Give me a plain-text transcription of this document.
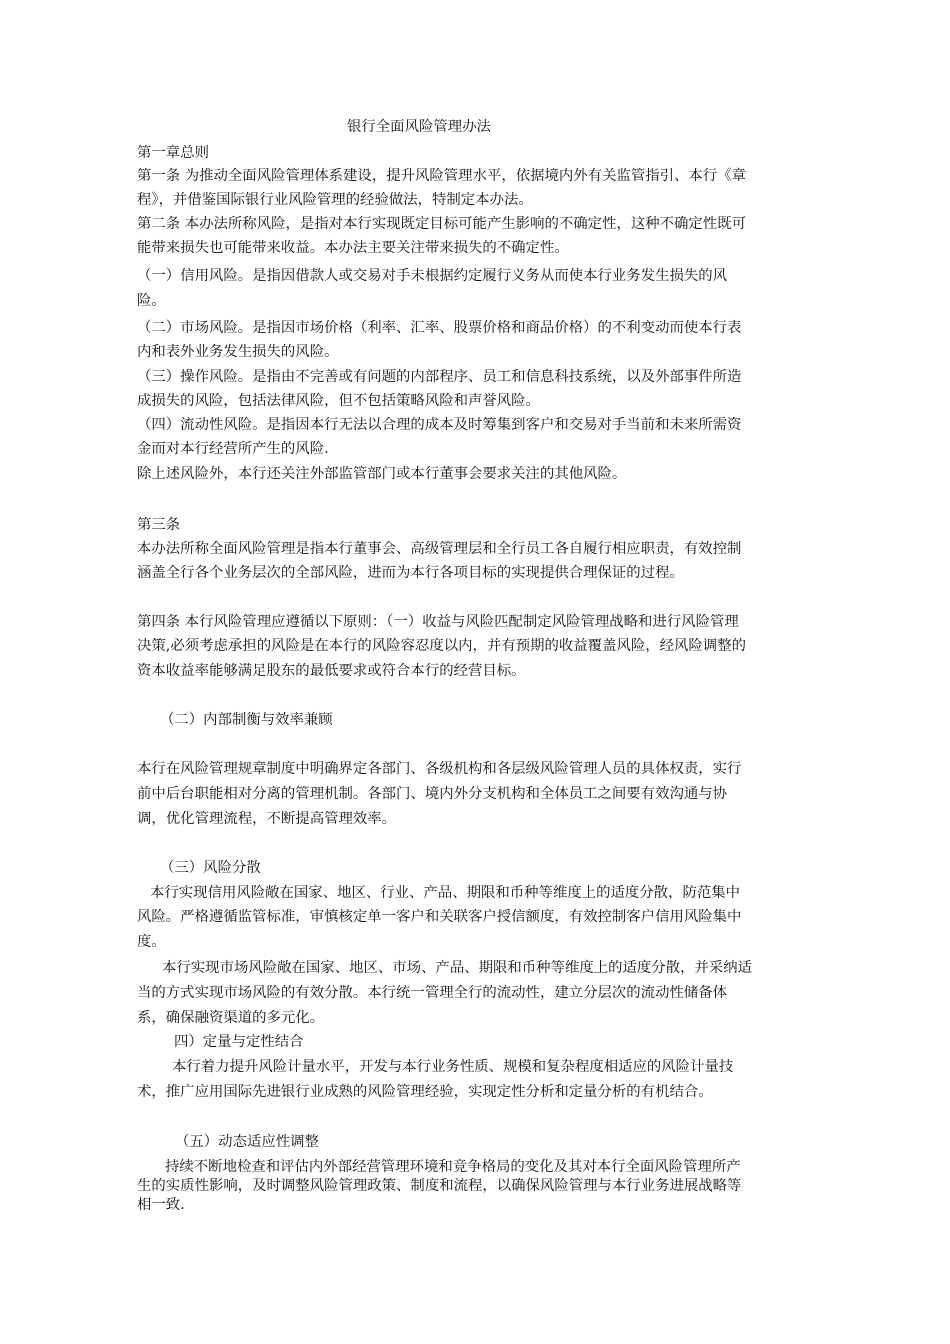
银行全面风险管理办法
第一章总则
第一条 为推动全面风险管理体系建设，提升风险管理水平，依据境内外有关监管指引、本行《章
程》，并借鉴国际银行业风险管理的经验做法，特制定本办法。
第二条 本办法所称风险，是指对本行实现既定目标可能产生影响的不确定性，这种不确定性既可
能带来损失也可能带来收益。本办法主要关注带来损失的不确定性。
（一）信用风险。是指因借款人或交易对手未根据约定履行义务从而使本行业务发生损失的风
险。
（二）市场风险。是指因市场价格（利率、汇率、股票价格和商品价格）的不利变动而使本行表
内和表外业务发生损失的风险。
（三）操作风险。是指由不完善或有问题的内部程序、员工和信息科技系统，以及外部事件所造
成损失的风险，包括法律风险，但不包括策略风险和声誉风险。
（四）流动性风险。是指因本行无法以合理的成本及时筹集到客户和交易对手当前和未来所需资
金而对本行经营所产生的风险.
除上述风险外，本行还关注外部监管部门或本行董事会要求关注的其他风险。
第三条
本办法所称全面风险管理是指本行董事会、高级管理层和全行员工各自履行相应职责，有效控制
涵盖全行各个业务层次的全部风险，进而为本行各项目标的实现提供合理保证的过程。
第四条 本行风险管理应遵循以下原则：（一）收益与风险匹配制定风险管理战略和进行风险管理
决策,必须考虑承担的风险是在本行的风险容忍度以内，并有预期的收益覆盖风险，经风险调整的
资本收益率能够满足股东的最低要求或符合本行的经营目标。
（二）内部制衡与效率兼顾
本行在风险管理规章制度中明确界定各部门、各级机构和各层级风险管理人员的具体权责，实行
前中后台职能相对分离的管理机制。各部门、境内外分支机构和全体员工之间要有效沟通与协
调，优化管理流程，不断提高管理效率。
（三）风险分散
本行实现信用风险敞在国家、地区、行业、产品、期限和币种等维度上的适度分散，防范集中
风险。严格遵循监管标准，审慎核定单一客户和关联客户授信额度，有效控制客户信用风险集中
度。
本行实现市场风险敞在国家、地区、市场、产品、期限和币种等维度上的适度分散，并采纳适
当的方式实现市场风险的有效分散。本行统一管理全行的流动性，建立分层次的流动性储备体
系，确保融资渠道的多元化。
四）定量与定性结合
本行着力提升风险计量水平，开发与本行业务性质、规模和复杂程度相适应的风险计量技
术，推广应用国际先进银行业成熟的风险管理经验，实现定性分析和定量分析的有机结合。
（五）动态适应性调整
持续不断地检查和评估内外部经营管理环境和竞争格局的变化及其对本行全面风险管理所产
生的实质性影响，及时调整风险管理政策、制度和流程，以确保风险管理与本行业务进展战略等
相一致.
